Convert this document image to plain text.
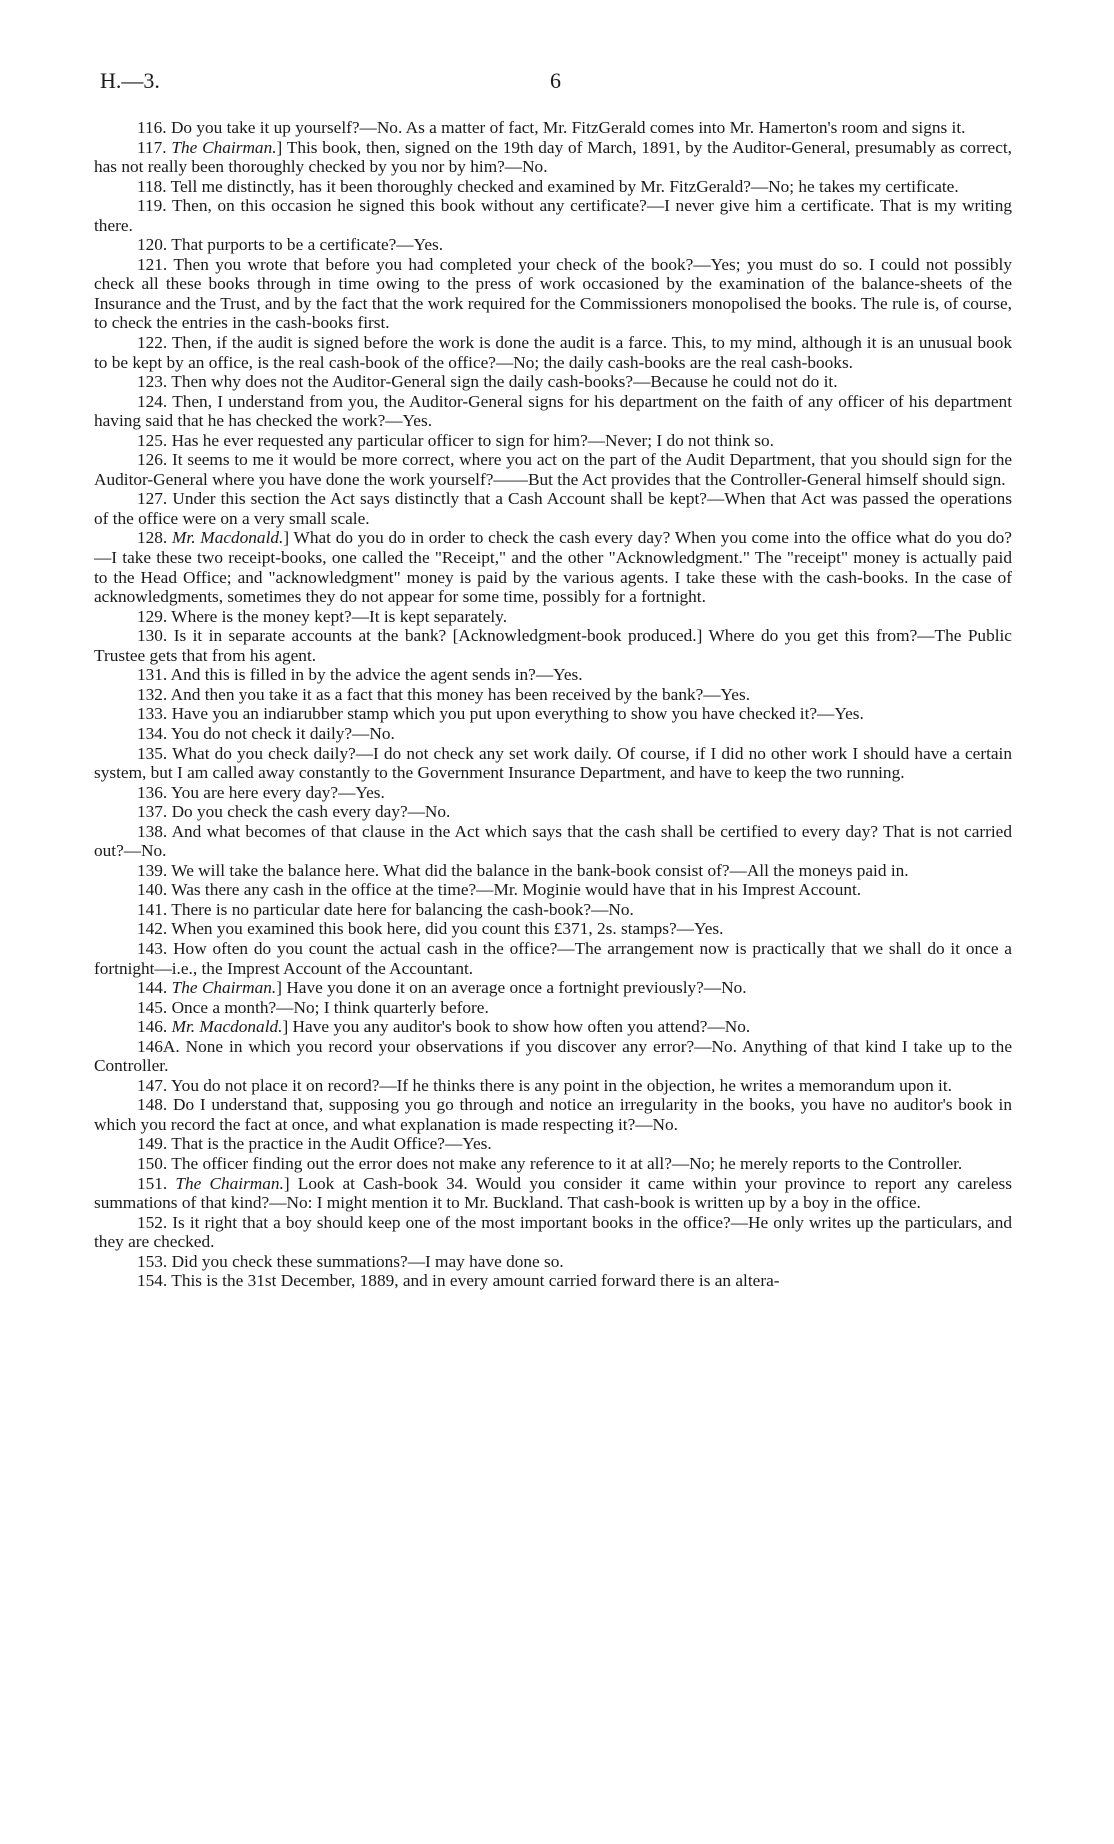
H.—3.	6

116. Do you take it up yourself?—No. As a matter of fact, Mr. FitzGerald comes into Mr. Hamerton's room and signs it.

117. The Chairman.] This book, then, signed on the 19th day of March, 1891, by the Auditor-General, presumably as correct, has not really been thoroughly checked by you nor by him?—No.

118. Tell me distinctly, has it been thoroughly checked and examined by Mr. FitzGerald?—No; he takes my certificate.

119. Then, on this occasion he signed this book without any certificate?—I never give him a certificate. That is my writing there.

120. That purports to be a certificate?—Yes.

121. Then you wrote that before you had completed your check of the book?—Yes; you must do so. I could not possibly check all these books through in time owing to the press of work occasioned by the examination of the balance-sheets of the Insurance and the Trust, and by the fact that the work required for the Commissioners monopolised the books. The rule is, of course, to check the entries in the cash-books first.

122. Then, if the audit is signed before the work is done the audit is a farce. This, to my mind, although it is an unusual book to be kept by an office, is the real cash-book of the office?—No; the daily cash-books are the real cash-books.

123. Then why does not the Auditor-General sign the daily cash-books?—Because he could not do it.

124. Then, I understand from you, the Auditor-General signs for his department on the faith of any officer of his department having said that he has checked the work?—Yes.

125. Has he ever requested any particular officer to sign for him?—Never; I do not think so.

126. It seems to me it would be more correct, where you act on the part of the Audit Department, that you should sign for the Auditor-General where you have done the work yourself?——But the Act provides that the Controller-General himself should sign.

127. Under this section the Act says distinctly that a Cash Account shall be kept?—When that Act was passed the operations of the office were on a very small scale.

128. Mr. Macdonald.] What do you do in order to check the cash every day? When you come into the office what do you do?—I take these two receipt-books, one called the "Receipt," and the other "Acknowledgment." The "receipt" money is actually paid to the Head Office; and "acknowledgment" money is paid by the various agents. I take these with the cash-books. In the case of acknowledgments, sometimes they do not appear for some time, possibly for a fortnight.

129. Where is the money kept?—It is kept separately.

130. Is it in separate accounts at the bank? [Acknowledgment-book produced.] Where do you get this from?—The Public Trustee gets that from his agent.

131. And this is filled in by the advice the agent sends in?—Yes.

132. And then you take it as a fact that this money has been received by the bank?—Yes.

133. Have you an indiarubber stamp which you put upon everything to show you have checked it?—Yes.

134. You do not check it daily?—No.

135. What do you check daily?—I do not check any set work daily. Of course, if I did no other work I should have a certain system, but I am called away constantly to the Government Insurance Department, and have to keep the two running.

136. You are here every day?—Yes.

137. Do you check the cash every day?—No.

138. And what becomes of that clause in the Act which says that the cash shall be certified to every day? That is not carried out?—No.

139. We will take the balance here. What did the balance in the bank-book consist of?—All the moneys paid in.

140. Was there any cash in the office at the time?—Mr. Moginie would have that in his Imprest Account.

141. There is no particular date here for balancing the cash-book?—No.

142. When you examined this book here, did you count this £371, 2s. stamps?—Yes.

143. How often do you count the actual cash in the office?—The arrangement now is practically that we shall do it once a fortnight—i.e., the Imprest Account of the Accountant.

144. The Chairman.] Have you done it on an average once a fortnight previously?—No.

145. Once a month?—No; I think quarterly before.

146. Mr. Macdonald.] Have you any auditor's book to show how often you attend?—No.

146A. None in which you record your observations if you discover any error?—No. Anything of that kind I take up to the Controller.

147. You do not place it on record?—If he thinks there is any point in the objection, he writes a memorandum upon it.

148. Do I understand that, supposing you go through and notice an irregularity in the books, you have no auditor's book in which you record the fact at once, and what explanation is made respecting it?—No.

149. That is the practice in the Audit Office?—Yes.

150. The officer finding out the error does not make any reference to it at all?—No; he merely reports to the Controller.

151. The Chairman.] Look at Cash-book 34. Would you consider it came within your province to report any careless summations of that kind?—No: I might mention it to Mr. Buckland. That cash-book is written up by a boy in the office.

152. Is it right that a boy should keep one of the most important books in the office?—He only writes up the particulars, and they are checked.

153. Did you check these summations?—I may have done so.

154. This is the 31st December, 1889, and in every amount carried forward there is an altera-
